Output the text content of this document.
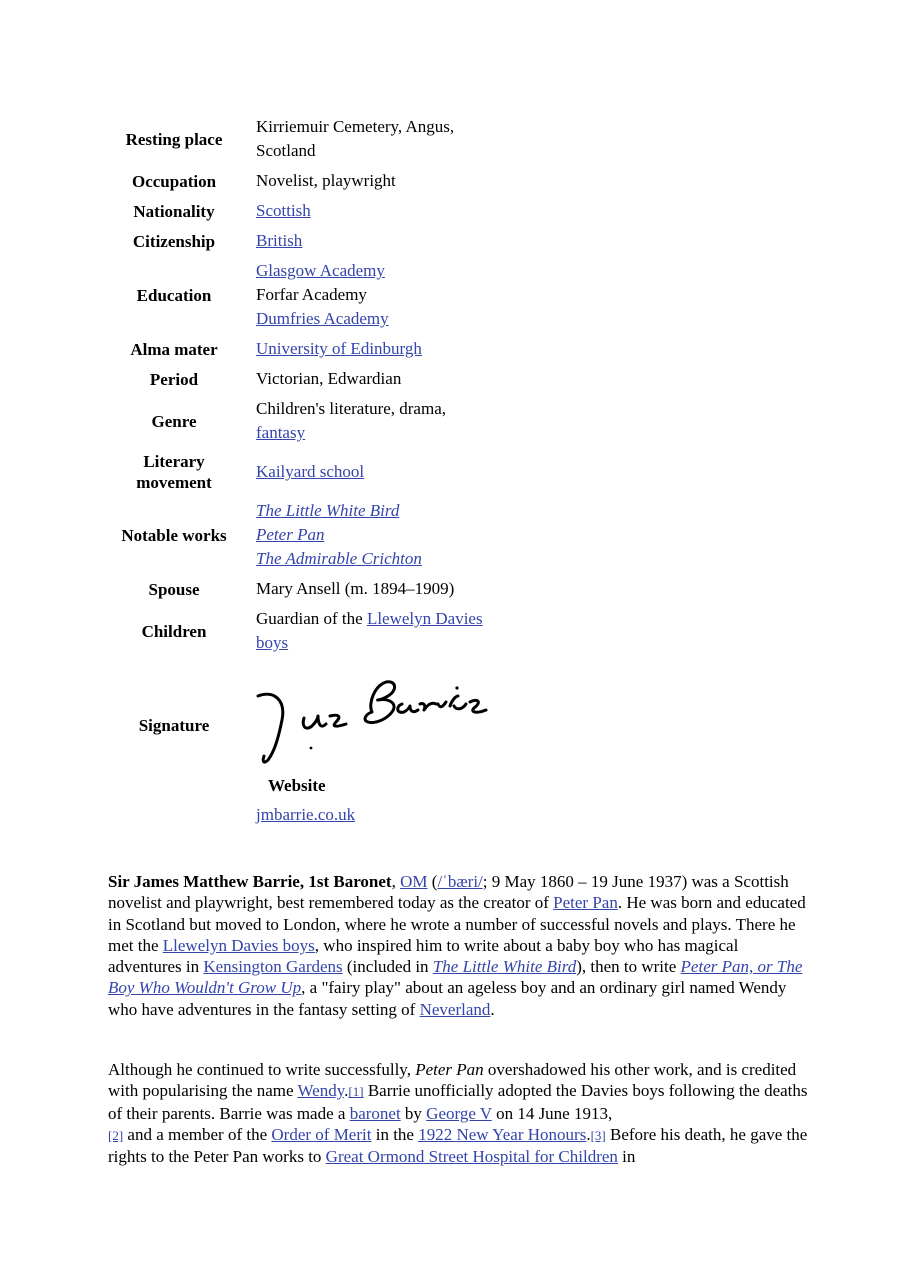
Resting place	Kirriemuir Cemetery, Angus,
Scotland

Occupation	Novelist, playwright
Nationality	Scottish
Citizenship	British
Education	Glasgow Academy
Forfar Academy
Dumfries Academy

Alma mater	University of Edinburgh
Period	Victorian, Edwardian
Genre	Children's literature, drama,
fantasy

Literary
movement	Kailyard school
Notable works	The Little White Bird
Peter Pan
The Admirable Crichton

Spouse	Mary Ansell (m. 1894–1909)
Children	Guardian of the Llewelyn Davies
boys
Signature	

Website	
	jmbarrie.co.uk

Sir James Matthew Barrie, 1st Baronet, OM (/ˈbæri/; 9 May 1860 – 19 June 1937) was a Scottish novelist and playwright, best remembered today as the creator of Peter Pan. He was born and educated in Scotland but moved to London, where he wrote a number of successful novels and plays. There he met the Llewelyn Davies boys, who inspired him to write about a baby boy who has magical adventures in Kensington Gardens (included in The Little White Bird), then to write Peter Pan, or The Boy Who Wouldn't Grow Up, a "fairy play" about an ageless boy and an ordinary girl named Wendy who have adventures in the fantasy setting of Neverland.

Although he continued to write successfully, Peter Pan overshadowed his other work, and is credited with popularising the name Wendy.[1] Barrie unofficially adopted the Davies boys following the deaths of their parents. Barrie was made a baronet by George V on 14 June 1913,
[2] and a member of the Order of Merit in the 1922 New Year Honours.[3] Before his death, he gave the rights to the Peter Pan works to Great Ormond Street Hospital for Children in
